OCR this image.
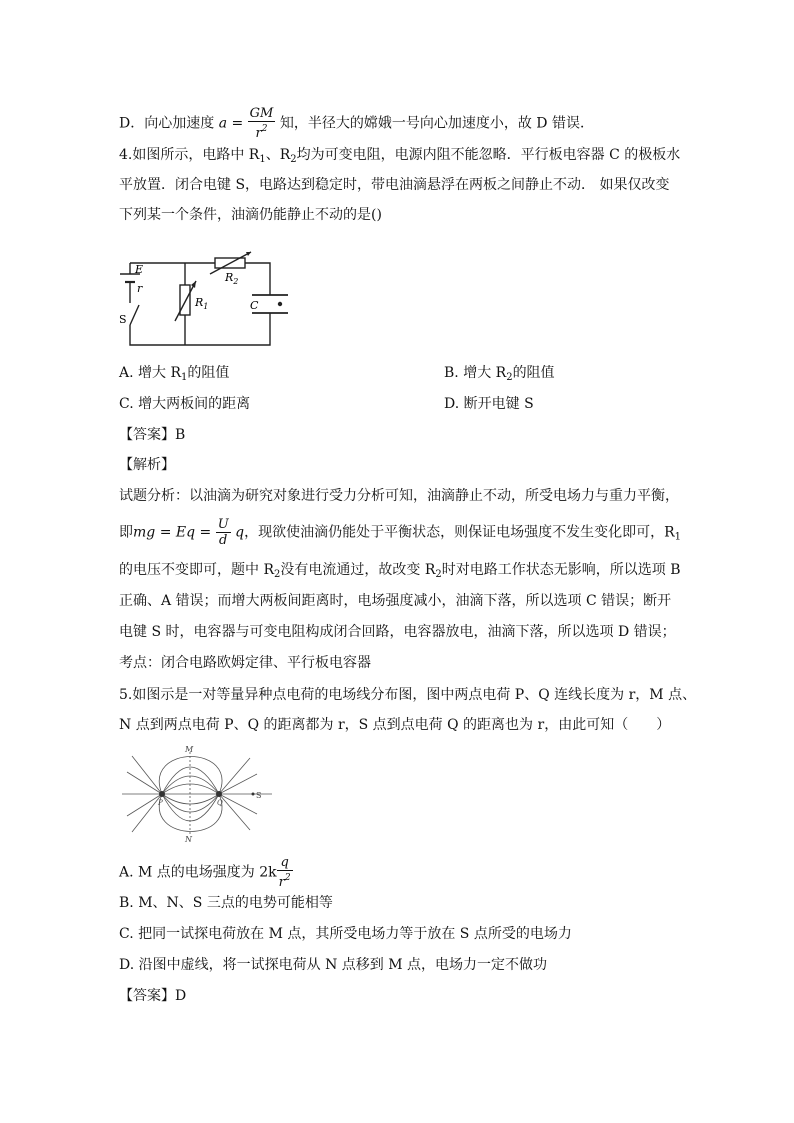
D．向心加速度 $a = \frac{GM}{r^2}$ 知，半径大的嫦娥一号向心加速度小，故 D 错误．
4.如图所示，电路中 $R_1$、$R_2$均为可变电阻，电源内阻不能忽略．平行板电容器 C 的极板水
平放置．闭合电键 S，电路达到稳定时，带电油滴悬浮在两板之间静止不动． 如果仅改变
下列某一个条件，油滴仍能静止不动的是()
E
r
S
$R_1$
$R_2$
C
A. 增大 $R_1$的阻值	B. 增大 $R_2$的阻值
C. 增大两板间的距离	D. 断开电键 S
【答案】B
【解析】
试题分析：以油滴为研究对象进行受力分析可知，油滴静止不动，所受电场力与重力平衡，
即mg = $Eq = \frac{U}{d}$ q，现欲使油滴仍能处于平衡状态，则保证电场强度不发生变化即可，$R_1$
的电压不变即可，题中 $R_2$没有电流通过，故改变 $R_2$时对电路工作状态无影响，所以选项 B
正确、A 错误；而增大两板间距离时，电场强度减小，油滴下落，所以选项 C 错误；断开
电键 S 时，电容器与可变电阻构成闭合回路，电容器放电，油滴下落，所以选项 D 错误；
考点：闭合电路欧姆定律、平行板电容器
5.如图示是一对等量异种点电荷的电场线分布图，图中两点电荷 P、Q 连线长度为 r，M 点、
N 点到两点电荷 P、Q 的距离都为 r，S 点到点电荷 Q 的距离也为 r，由此可知（　　）
M
N
P	Q
S
A. M 点的电场强度为 $2k \frac{q}{r^2}$
B. M、N、S 三点的电势可能相等
C. 把同一试探电荷放在 M 点，其所受电场力等于放在 S 点所受的电场力
D. 沿图中虚线，将一试探电荷从 N 点移到 M 点，电场力一定不做功
【答案】D
